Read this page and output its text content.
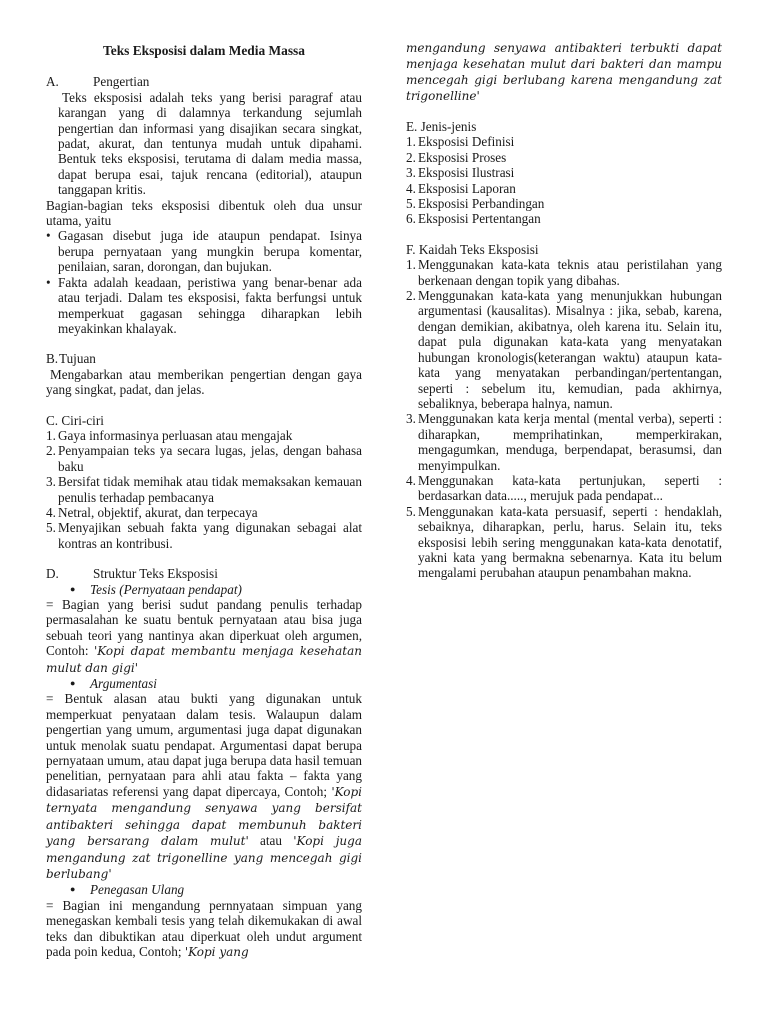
Teks Eksposisi dalam Media Massa

A.	Pengertian

Teks eksposisi adalah teks yang berisi paragraf atau karangan yang di dalamnya terkandung sejumlah pengertian dan informasi yang disajikan secara singkat, padat, akurat, dan tentunya mudah untuk dipahami. Bentuk teks eksposisi, terutama di dalam media massa, dapat berupa esai, tajuk rencana (editorial), ataupun tanggapan kritis.

Bagian-bagian teks eksposisi dibentuk oleh dua unsur utama, yaitu

• Gagasan disebut juga ide ataupun pendapat. Isinya berupa pernyataan yang mungkin berupa komentar, penilaian, saran, dorongan, dan bujukan.
• Fakta adalah keadaan, peristiwa yang benar-benar ada atau terjadi. Dalam tes eksposisi, fakta berfungsi untuk memperkuat gagasan sehingga diharapkan lebih meyakinkan khalayak.

B.Tujuan

Mengabarkan atau memberikan pengertian dengan gaya yang singkat, padat, dan jelas.

C. Ciri-ciri

1. Gaya informasinya perluasan atau mengajak
2. Penyampaian teks ya secara lugas, jelas, dengan bahasa baku
3. Bersifat tidak memihak atau tidak memaksakan kemauan penulis terhadap pembacanya
4. Netral, objektif, akurat, dan terpecaya
5. Menyajikan sebuah fakta yang digunakan sebagai alat kontras an kontribusi.

D.	Struktur Teks Eksposisi

● Tesis (Pernyataan pendapat)

= Bagian yang berisi sudut pandang penulis terhadap permasalahan ke suatu bentuk pernyataan atau bisa juga sebuah teori yang nantinya akan diperkuat oleh argumen, Contoh: 'Kopi dapat membantu menjaga kesehatan mulut dan gigi'

● Argumentasi

= Bentuk alasan atau bukti yang digunakan untuk memperkuat penyataan dalam tesis. Walaupun dalam pengertian yang umum, argumentasi juga dapat digunakan untuk menolak suatu pendapat. Argumentasi dapat berupa pernyataan umum, atau dapat juga berupa data hasil temuan penelitian, pernyataan para ahli atau fakta – fakta yang didasariatas referensi yang dapat dipercaya, Contoh; 'Kopi ternyata mengandung senyawa yang bersifat antibakteri sehingga dapat membunuh bakteri yang bersarang dalam mulut' atau 'Kopi juga mengandung zat trigonelline yang mencegah gigi berlubang'

● Penegasan Ulang

= Bagian ini mengandung pernnyataan simpuan yang menegaskan kembali tesis yang telah dikemukakan di awal teks dan dibuktikan atau diperkuat oleh undut argument pada poin kedua, Contoh; 'Kopi yang

mengandung senyawa antibakteri terbukti dapat menjaga kesehatan mulut dari bakteri dan mampu mencegah gigi berlubang karena mengandung zat trigonelline'

E. Jenis-jenis

1. Eksposisi Definisi
2. Eksposisi Proses
3. Eksposisi Ilustrasi
4. Eksposisi Laporan
5. Eksposisi Perbandingan
6. Eksposisi Pertentangan

F. Kaidah Teks Eksposisi

1. Menggunakan kata-kata teknis atau peristilahan yang berkenaan dengan topik yang dibahas.
2. Menggunakan kata-kata yang menunjukkan hubungan argumentasi (kausalitas). Misalnya : jika, sebab, karena, dengan demikian, akibatnya, oleh karena itu. Selain itu, dapat pula digunakan kata-kata yang menyatakan hubungan kronologis(keterangan waktu) ataupun kata-kata yang menyatakan perbandingan/pertentangan, seperti : sebelum itu, kemudian, pada akhirnya, sebaliknya, beberapa halnya, namun.
3. Menggunakan kata kerja mental (mental verba), seperti : diharapkan, memprihatinkan, memperkirakan, mengagumkan, menduga, berpendapat, berasumsi, dan menyimpulkan.
4. Menggunakan kata-kata pertunjukan, seperti : berdasarkan data....., merujuk pada pendapat...
5. Menggunakan kata-kata persuasif, seperti : hendaklah, sebaiknya, diharapkan, perlu, harus. Selain itu, teks eksposisi lebih sering menggunakan kata-kata denotatif, yakni kata yang bermakna sebenarnya. Kata itu belum mengalami perubahan ataupun penambahan makna.
